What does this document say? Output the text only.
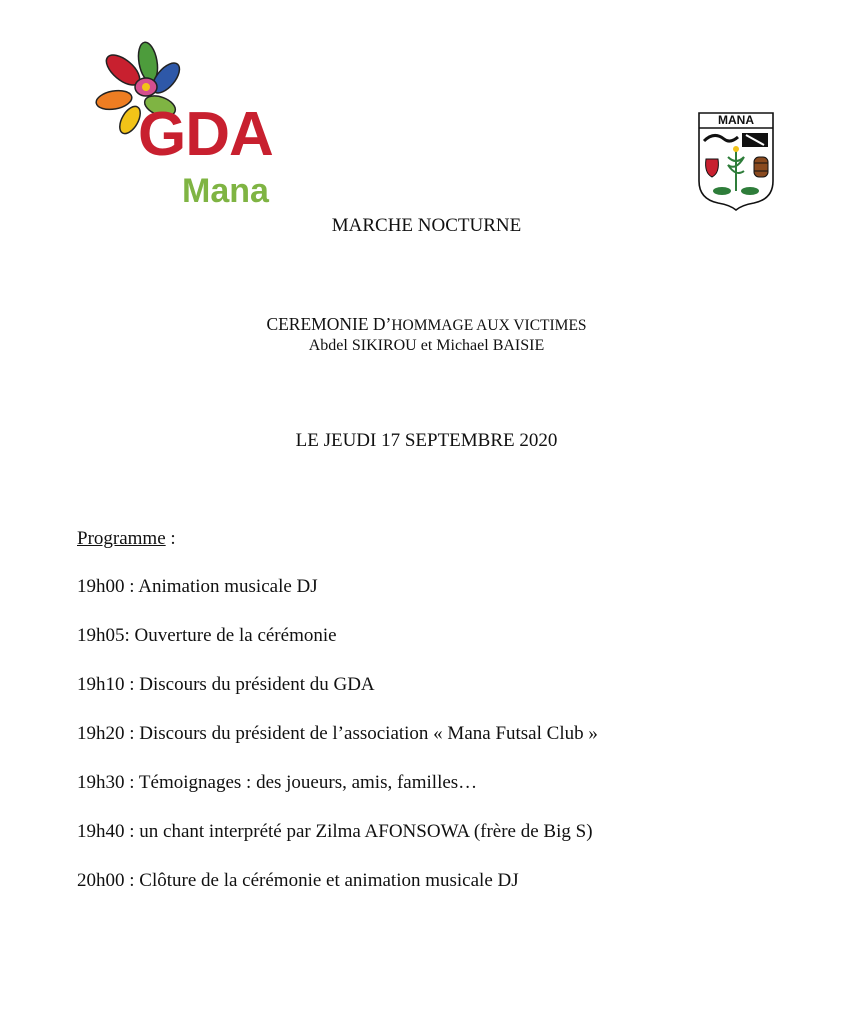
GDA
Mana
MANA
MARCHE NOCTURNE
CEREMONIE D’HOMMAGE AUX VICTIMES
Abdel SIKIROU et Michael BAISIE
LE JEUDI 17 SEPTEMBRE 2020
Programme :
19h00 : Animation musicale DJ
19h05: Ouverture de la cérémonie
19h10 : Discours du président du GDA
19h20 : Discours du président de l’association « Mana Futsal Club »
19h30 : Témoignages : des joueurs, amis, familles…
19h40 : un chant interprété par Zilma AFONSOWA (frère de Big S)
20h00 : Clôture de la cérémonie et animation musicale DJ
